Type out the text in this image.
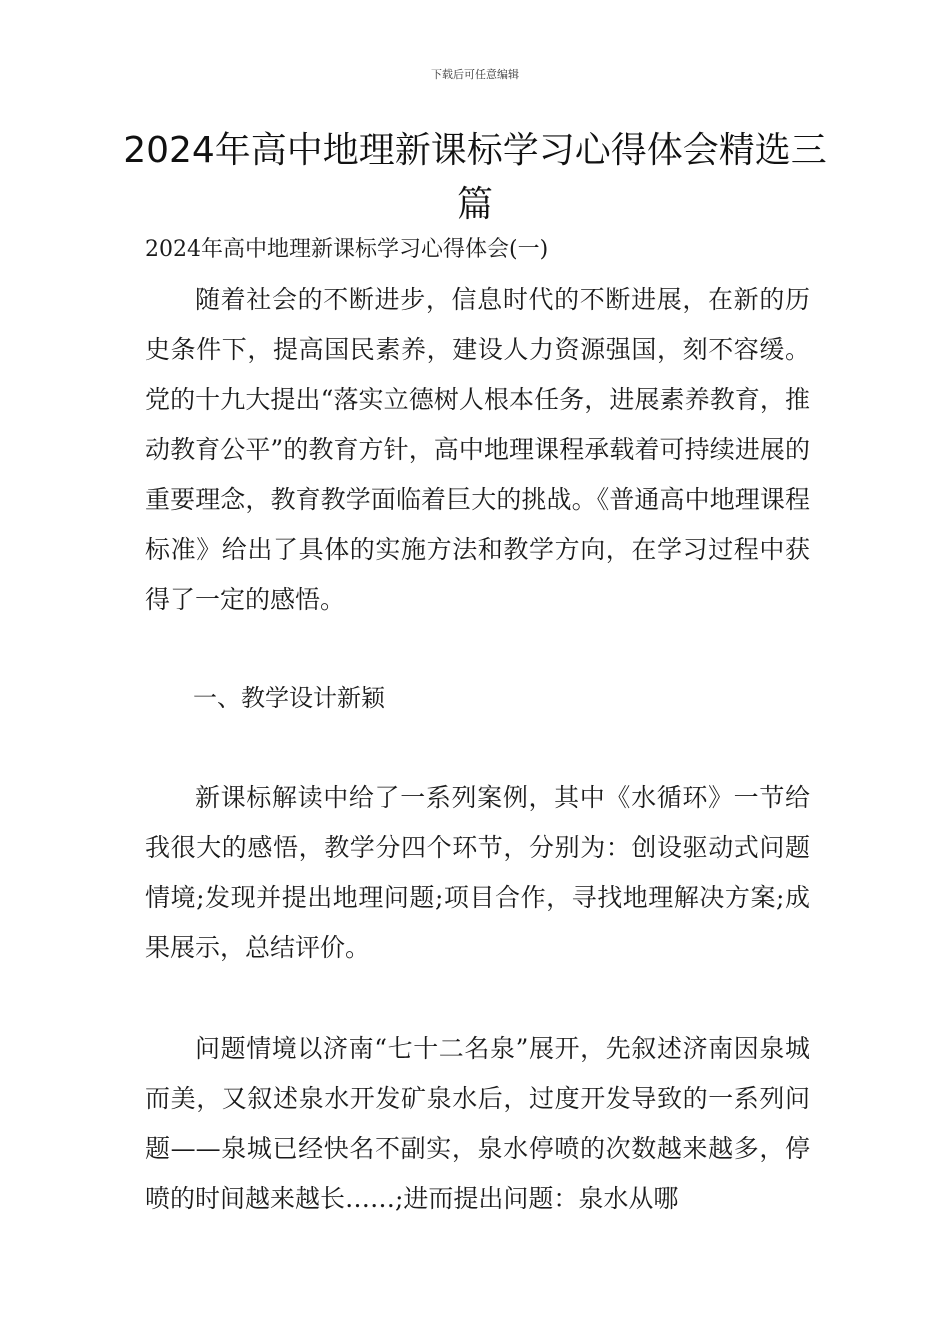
下载后可任意编辑
2024年高中地理新课标学习心得体会精选三篇
2024年高中地理新课标学习心得体会(一)

随着社会的不断进步，信息时代的不断进展，在新的历史条件下，提高国民素养，建设人力资源强国，刻不容缓。党的十九大提出“落实立德树人根本任务，进展素养教育，推动教育公平”的教育方针，高中地理课程承载着可持续进展的重要理念，教育教学面临着巨大的挑战。《普通高中地理课程标准》给出了具体的实施方法和教学方向，在学习过程中获得了一定的感悟。

一、教学设计新颖

新课标解读中给了一系列案例，其中《水循环》一节给我很大的感悟，教学分四个环节，分别为：创设驱动式问题情境;发现并提出地理问题;项目合作，寻找地理解决方案;成果展示，总结评价。

问题情境以济南“七十二名泉”展开，先叙述济南因泉城而美，又叙述泉水开发矿泉水后，过度开发导致的一系列问题——泉城已经快名不副实，泉水停喷的次数越来越多，停喷的时间越来越长……;进而提出问题：泉水从哪
